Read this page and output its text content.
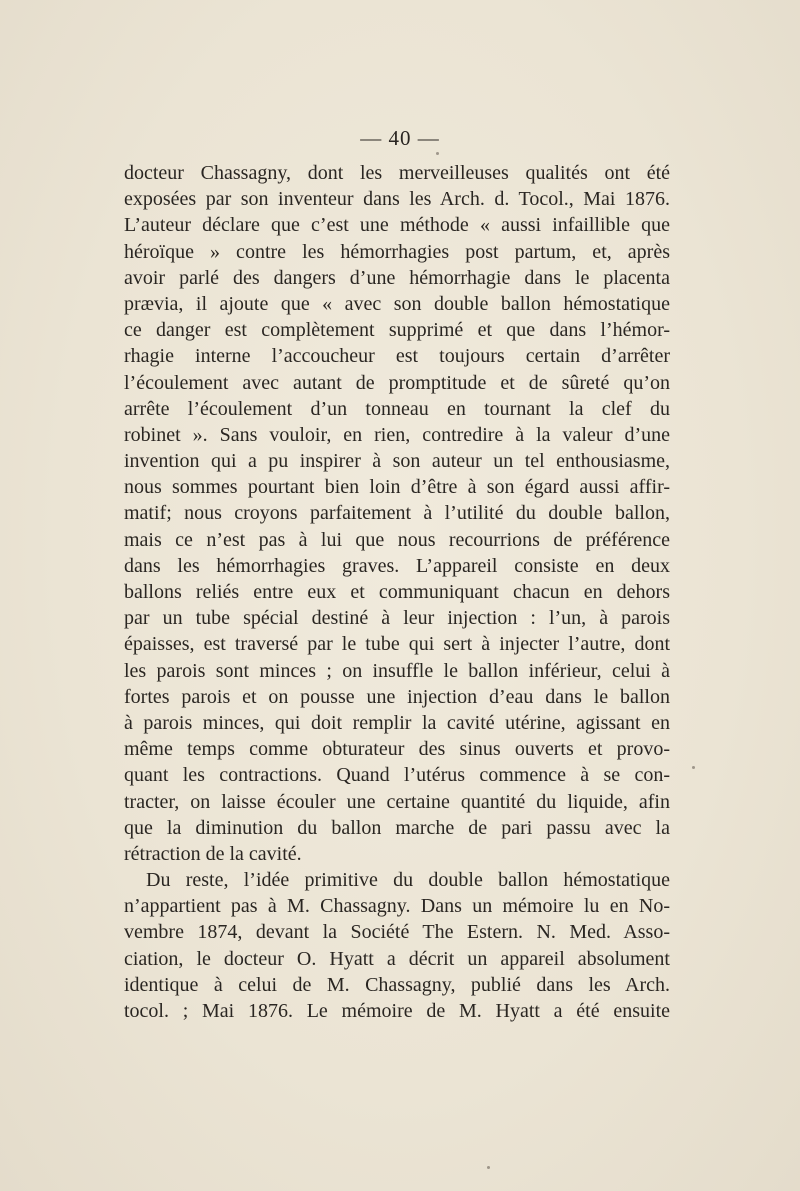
— 40 —
docteur Chassagny, dont les merveilleuses qualités ont été
exposées par son inventeur dans les Arch. d. Tocol., Mai 1876.
L’auteur déclare que c’est une méthode « aussi infaillible que
héroïque » contre les hémorrhagies post partum, et, après
avoir parlé des dangers d’une hémorrhagie dans le placenta
prævia, il ajoute que « avec son double ballon hémostatique
ce danger est complètement supprimé et que dans l’hémor-
rhagie interne l’accoucheur est toujours certain d’arrêter
l’écoulement avec autant de promptitude et de sûreté qu’on
arrête l’écoulement d’un tonneau en tournant la clef du
robinet ». Sans vouloir, en rien, contredire à la valeur d’une
invention qui a pu inspirer à son auteur un tel enthousiasme,
nous sommes pourtant bien loin d’être à son égard aussi affir-
matif; nous croyons parfaitement à l’utilité du double ballon,
mais ce n’est pas à lui que nous recourrions de préférence
dans les hémorrhagies graves. L’appareil consiste en deux
ballons reliés entre eux et communiquant chacun en dehors
par un tube spécial destiné à leur injection : l’un, à parois
épaisses, est traversé par le tube qui sert à injecter l’autre, dont
les parois sont minces ; on insuffle le ballon inférieur, celui à
fortes parois et on pousse une injection d’eau dans le ballon
à parois minces, qui doit remplir la cavité utérine, agissant en
même temps comme obturateur des sinus ouverts et provo-
quant les contractions. Quand l’utérus commence à se con-
tracter, on laisse écouler une certaine quantité du liquide, afin
que la diminution du ballon marche de pari passu avec la
rétraction de la cavité.
Du reste, l’idée primitive du double ballon hémostatique
n’appartient pas à M. Chassagny. Dans un mémoire lu en No-
vembre 1874, devant la Société The Estern. N. Med. Asso-
ciation, le docteur O. Hyatt a décrit un appareil absolument
identique à celui de M. Chassagny, publié dans les Arch.
tocol. ; Mai 1876. Le mémoire de M. Hyatt a été ensuite
